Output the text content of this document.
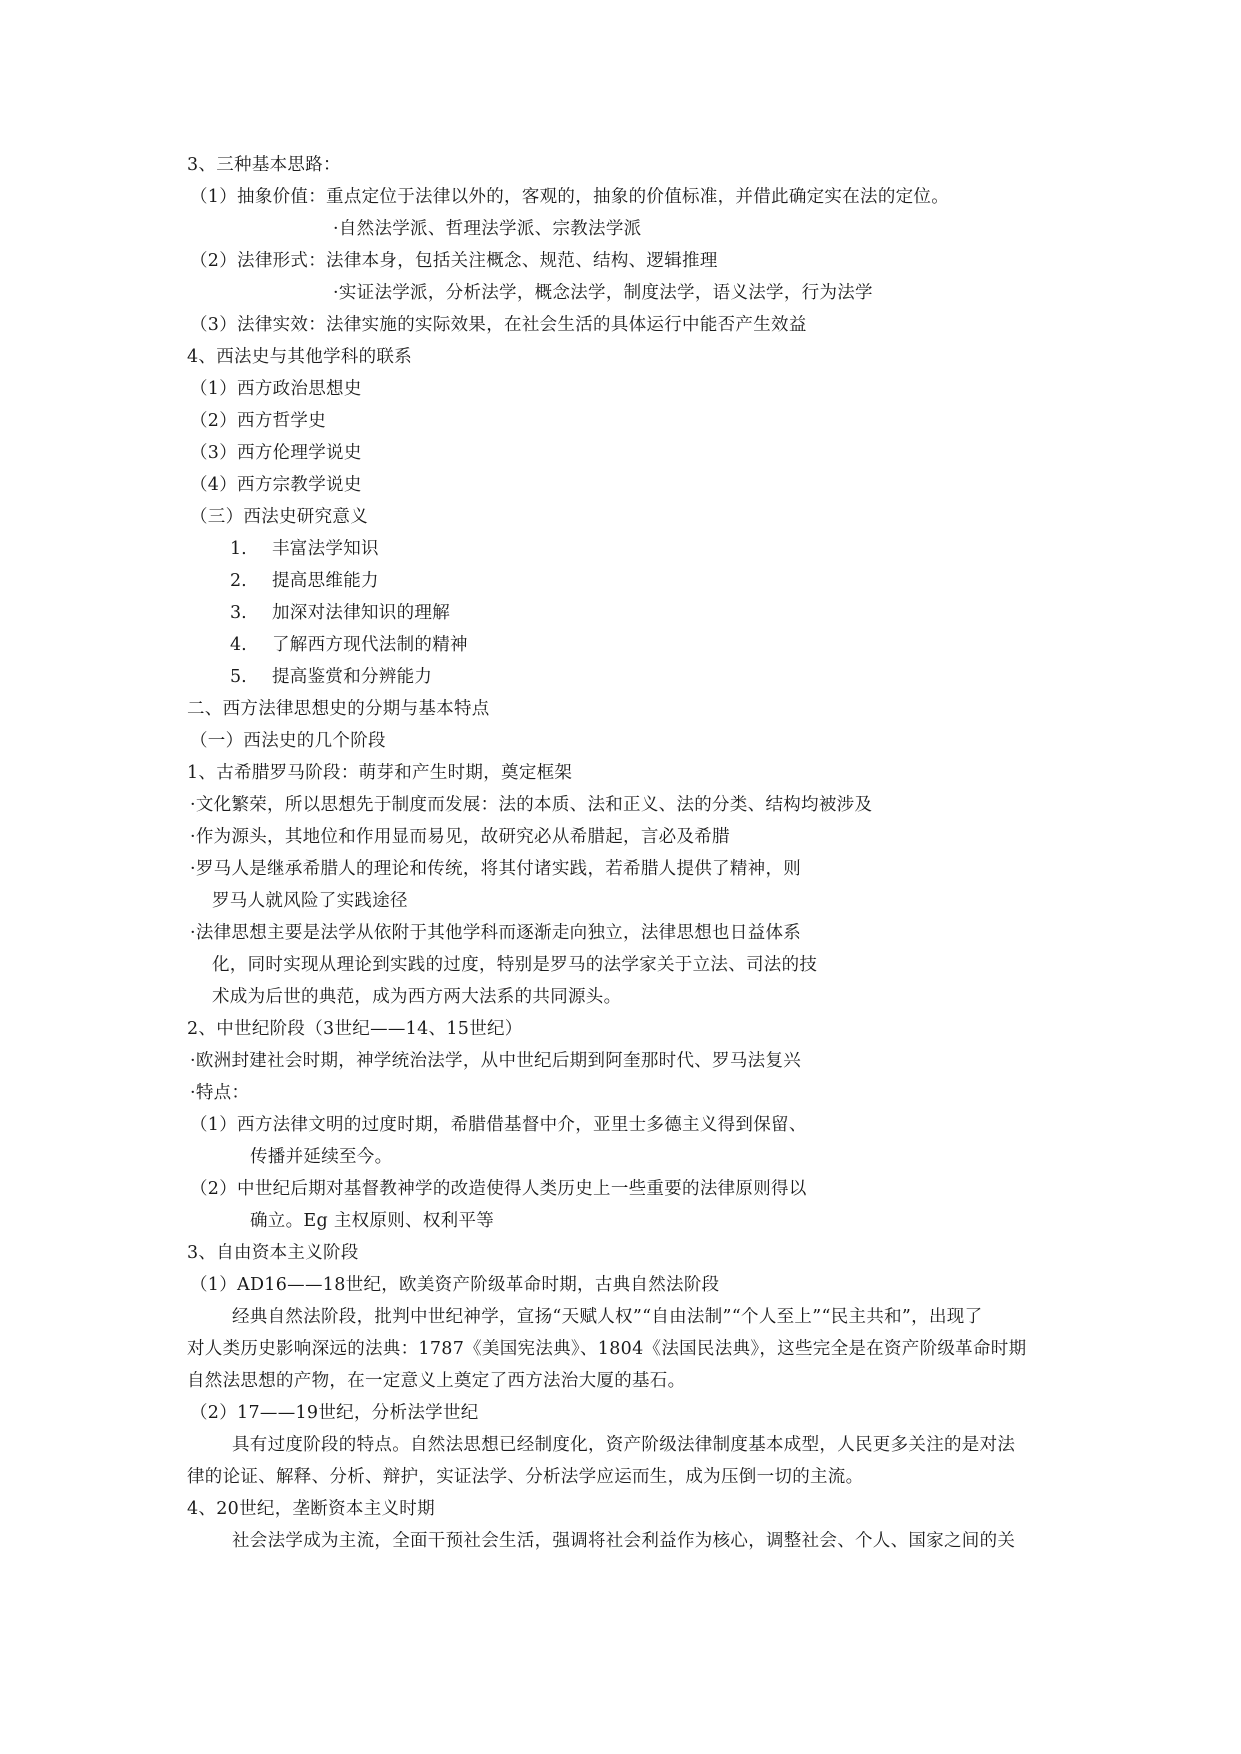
3、三种基本思路：
（1）抽象价值：重点定位于法律以外的，客观的，抽象的价值标准，并借此确定实在法的定位。
·自然法学派、哲理法学派、宗教法学派
（2）法律形式：法律本身，包括关注概念、规范、结构、逻辑推理
·实证法学派，分析法学，概念法学，制度法学，语义法学，行为法学
（3）法律实效：法律实施的实际效果，在社会生活的具体运行中能否产生效益
4、西法史与其他学科的联系
（1）西方政治思想史
（2）西方哲学史
（3）西方伦理学说史
（4）西方宗教学说史
（三）西法史研究意义
1. 丰富法学知识
2. 提高思维能力
3. 加深对法律知识的理解
4. 了解西方现代法制的精神
5. 提高鉴赏和分辨能力
二、西方法律思想史的分期与基本特点
（一）西法史的几个阶段
1、古希腊罗马阶段：萌芽和产生时期，奠定框架
·文化繁荣，所以思想先于制度而发展：法的本质、法和正义、法的分类、结构均被涉及
·作为源头，其地位和作用显而易见，故研究必从希腊起，言必及希腊
·罗马人是继承希腊人的理论和传统，将其付诸实践，若希腊人提供了精神，则
罗马人就风险了实践途径
·法律思想主要是法学从依附于其他学科而逐渐走向独立，法律思想也日益体系
化，同时实现从理论到实践的过度，特别是罗马的法学家关于立法、司法的技
术成为后世的典范，成为西方两大法系的共同源头。
2、中世纪阶段（3世纪——14、15世纪）
·欧洲封建社会时期，神学统治法学，从中世纪后期到阿奎那时代、罗马法复兴
·特点：
（1）西方法律文明的过度时期，希腊借基督中介，亚里士多德主义得到保留、
传播并延续至今。
（2）中世纪后期对基督教神学的改造使得人类历史上一些重要的法律原则得以
确立。Eg 主权原则、权利平等
3、自由资本主义阶段
（1）AD16——18世纪，欧美资产阶级革命时期，古典自然法阶段
经典自然法阶段，批判中世纪神学，宣扬“天赋人权”“自由法制”“个人至上”“民主共和”，出现了
对人类历史影响深远的法典：1787《美国宪法典》、1804《法国民法典》，这些完全是在资产阶级革命时期
自然法思想的产物，在一定意义上奠定了西方法治大厦的基石。
（2）17——19世纪，分析法学世纪
具有过度阶段的特点。自然法思想已经制度化，资产阶级法律制度基本成型，人民更多关注的是对法
律的论证、解释、分析、辩护，实证法学、分析法学应运而生，成为压倒一切的主流。
4、20世纪，垄断资本主义时期
社会法学成为主流，全面干预社会生活，强调将社会利益作为核心，调整社会、个人、国家之间的关
